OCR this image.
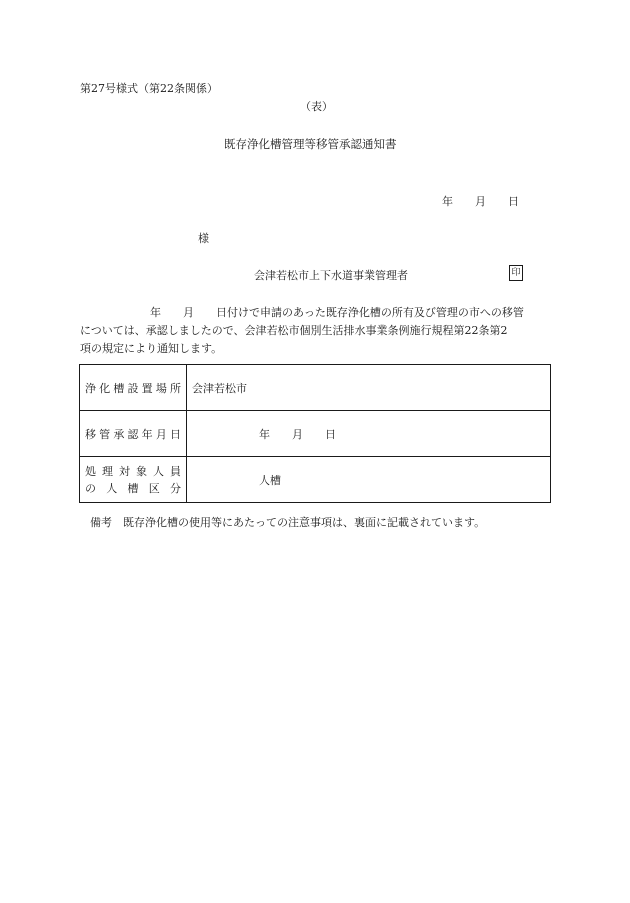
第27号様式（第22条関係）
（表）
既存浄化槽管理等移管承認通知書
年 月 日
様
会津若松市上下水道事業管理者	印
年 月 日付けで申請のあった既存浄化槽の所有及び管理の市への移管
については、承認しましたので、会津若松市個別生活排水事業条例施行規程第22条第2
項の規定により通知します。
浄化槽設置場所	会津若松市
移管承認年月日	年 月 日

処理対象人員
の人槽区分	人槽
備考　既存浄化槽の使用等にあたっての注意事項は、裏面に記載されています。
